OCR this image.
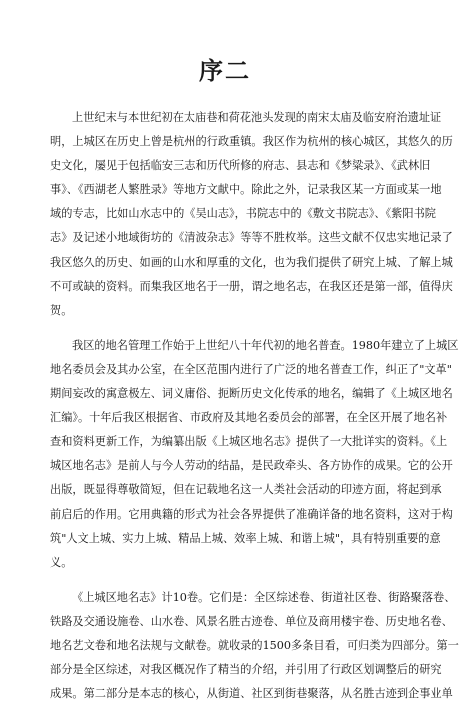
序二
上世纪末与本世纪初在太庙巷和荷花池头发现的南宋太庙及临安府治遗址证
明，上城区在历史上曾是杭州的行政重镇。我区作为杭州的核心城区，其悠久的历
史文化，屡见于包括临安三志和历代所修的府志、县志和《梦粱录》、《武林旧
事》、《西湖老人繁胜录》等地方文献中。除此之外，记录我区某一方面或某一地
域的专志，比如山水志中的《吴山志》，书院志中的《敷文书院志》、《紫阳书院
志》及记述小地域街坊的《清波杂志》等等不胜枚举。这些文献不仅忠实地记录了
我区悠久的历史、如画的山水和厚重的文化，也为我们提供了研究上城、了解上城
不可或缺的资料。而集我区地名于一册，谓之地名志，在我区还是第一部，值得庆
贺。
我区的地名管理工作始于上世纪八十年代初的地名普查。1980年建立了上城区
地名委员会及其办公室，在全区范围内进行了广泛的地名普查工作，纠正了"文革"
期间妄改的寓意极左、词义庸俗、扼断历史文化传承的地名，编辑了《上城区地名
汇编》。十年后我区根据省、市政府及其地名委员会的部署，在全区开展了地名补
查和资料更新工作，为编纂出版《上城区地名志》提供了一大批详实的资料。《上
城区地名志》是前人与今人劳动的结晶，是民政牵头、各方协作的成果。它的公开
出版，既显得尊敬简短，但在记载地名这一人类社会活动的印迹方面，将起到承
前启后的作用。它用典籍的形式为社会各界提供了准确详备的地名资料，这对于构
筑"人文上城、实力上城、精品上城、效率上城、和谐上城"，具有特别重要的意
义。
《上城区地名志》计10卷。它们是：全区综述卷、街道社区卷、街路聚落卷、
铁路及交通设施卷、山水卷、风景名胜古迹卷、单位及商用楼宇卷、历史地名卷、
地名艺文卷和地名法规与文献卷。就收录的1500多条目看，可归类为四部分。第一
部分是全区综述，对我区概况作了精当的介绍，并引用了行政区划调整后的研究
成果。第二部分是本志的核心，从街道、社区到街巷聚落，从名胜古迹到企事业单
